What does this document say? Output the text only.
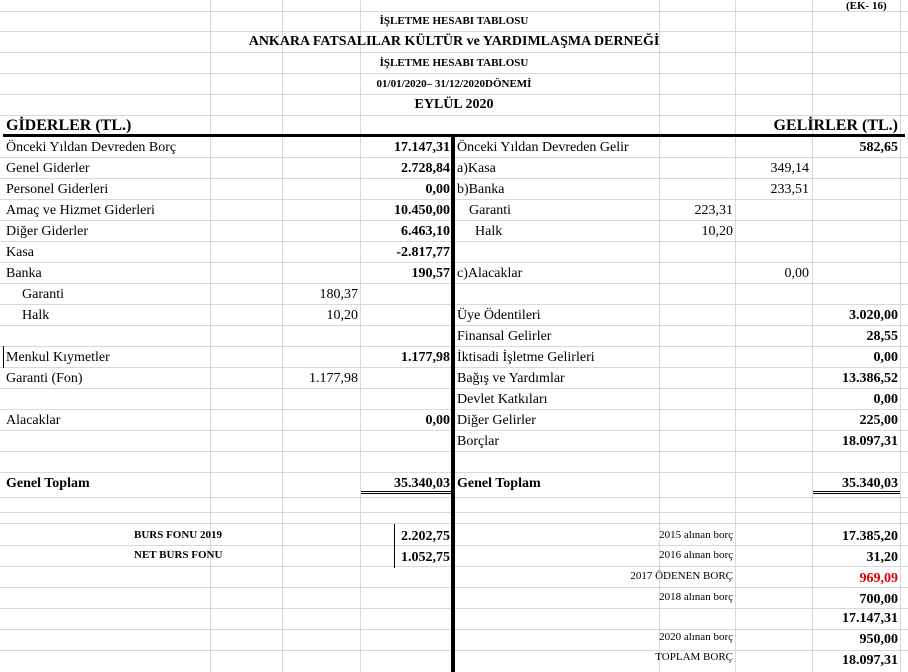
(EK- 16)
İŞLETME HESABI TABLOSU
ANKARA FATSALILAR KÜLTÜR ve YARDIMLAŞMA DERNEĞİ
İŞLETME HESABI TABLOSU
01/01/2020– 31/12/2020DÖNEMİ
EYLÜL 2020
GİDERLER (TL.)	GELİRLER (TL.)
Önceki Yıldan Devreden Borç	17.147,31
Genel Giderler	2.728,84
Personel Giderleri	0,00
Amaç ve Hizmet Giderleri	10.450,00
Diğer Giderler	6.463,10
Kasa	-2.817,77
Banka	190,57
Garanti	180,37
Halk	10,20
Menkul Kıymetler	1.177,98
Garanti (Fon)	1.177,98
Alacaklar	0,00
Genel Toplam	35.340,03
Önceki Yıldan Devreden Gelir	582,65
a)Kasa	349,14
b)Banka	233,51
Garanti	223,31
Halk	10,20
c)Alacaklar	0,00
Üye Ödentileri	3.020,00
Finansal Gelirler	28,55
İktisadi İşletme Gelirleri	0,00
Bağış ve Yardımlar	13.386,52
Devlet Katkıları	0,00
Diğer Gelirler	225,00
Borçlar	18.097,31
Genel Toplam	35.340,03
BURS FONU 2019	2.202,75
NET BURS FONU	1.052,75
2015 alınan borç	17.385,20
2016 alınan borç	31,20
2017 ÖDENEN BORÇ	969,09
2018 alınan borç	700,00
17.147,31
2020 alınan borç	950,00
TOPLAM BORÇ	18.097,31
